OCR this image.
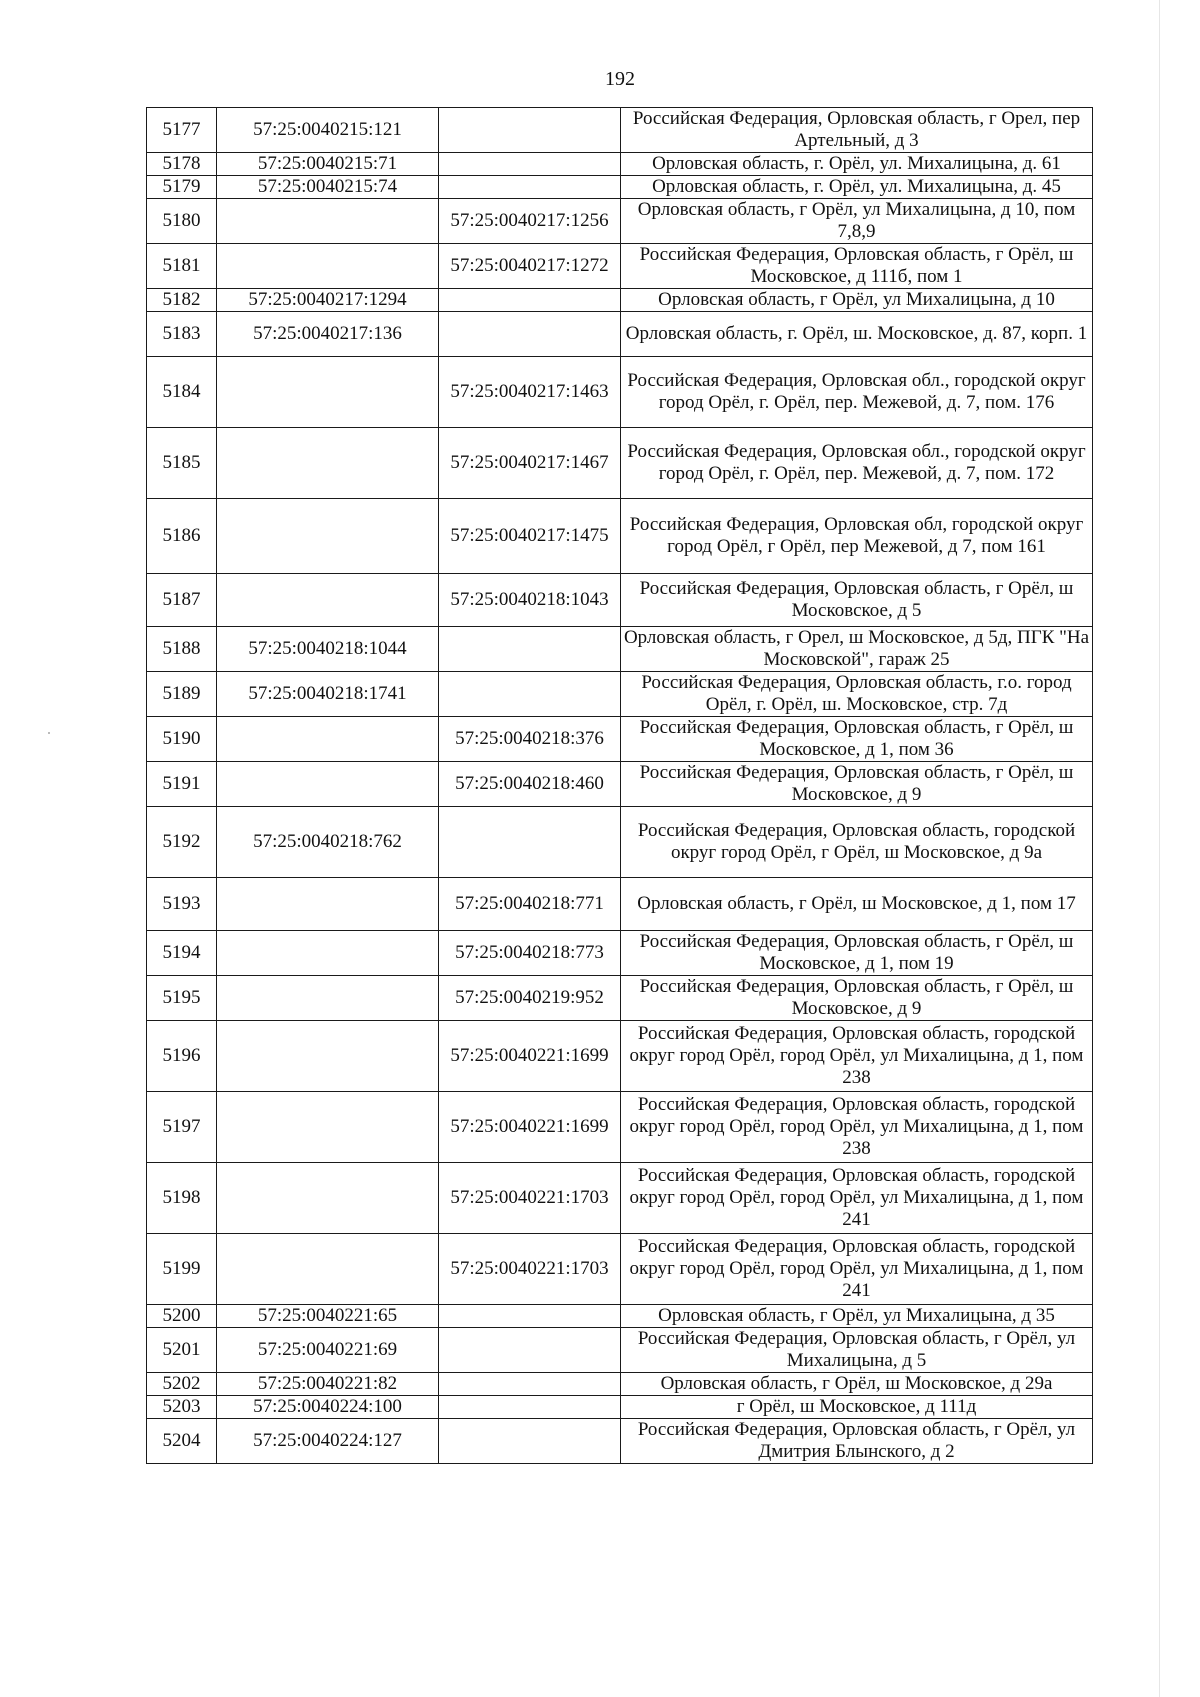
192
5177	57:25:0040215:121		Российская Федерация, Орловская область, г Орел, пер Артельный, д 3
5178	57:25:0040215:71		Орловская область, г. Орёл, ул. Михалицына, д. 61
5179	57:25:0040215:74		Орловская область, г. Орёл, ул. Михалицына, д. 45
5180		57:25:0040217:1256	Орловская область, г Орёл, ул Михалицына, д 10, пом 7,8,9
5181		57:25:0040217:1272	Российская Федерация, Орловская область, г Орёл, ш Московское, д 111б, пом 1
5182	57:25:0040217:1294		Орловская область, г Орёл, ул Михалицына, д 10
5183	57:25:0040217:136		Орловская область, г. Орёл, ш. Московское, д. 87, корп. 1
5184		57:25:0040217:1463	Российская Федерация, Орловская обл., городской округ город Орёл, г. Орёл, пер. Межевой, д. 7, пом. 176
5185		57:25:0040217:1467	Российская Федерация, Орловская обл., городской округ город Орёл, г. Орёл, пер. Межевой, д. 7, пом. 172
5186		57:25:0040217:1475	Российская Федерация, Орловская обл, городской округ город Орёл, г Орёл, пер Межевой, д 7, пом 161
5187		57:25:0040218:1043	Российская Федерация, Орловская область, г Орёл, ш Московское, д 5
5188	57:25:0040218:1044		Орловская область, г Орел, ш Московское, д 5д, ПГК "На Московской", гараж 25
5189	57:25:0040218:1741		Российская Федерация, Орловская область, г.о. город Орёл, г. Орёл, ш. Московское, стр. 7д
5190		57:25:0040218:376	Российская Федерация, Орловская область, г Орёл, ш Московское, д 1, пом 36
5191		57:25:0040218:460	Российская Федерация, Орловская область, г Орёл, ш Московское, д 9
5192	57:25:0040218:762		Российская Федерация, Орловская область, городской округ город Орёл, г Орёл, ш Московское, д 9а
5193		57:25:0040218:771	Орловская область, г Орёл, ш Московское, д 1, пом 17
5194		57:25:0040218:773	Российская Федерация, Орловская область, г Орёл, ш Московское, д 1, пом 19
5195		57:25:0040219:952	Российская Федерация, Орловская область, г Орёл, ш Московское, д 9
5196		57:25:0040221:1699	Российская Федерация, Орловская область, городской округ город Орёл, город Орёл, ул Михалицына, д 1, пом 238
5197		57:25:0040221:1699	Российская Федерация, Орловская область, городской округ город Орёл, город Орёл, ул Михалицына, д 1, пом 238
5198		57:25:0040221:1703	Российская Федерация, Орловская область, городской округ город Орёл, город Орёл, ул Михалицына, д 1, пом 241
5199		57:25:0040221:1703	Российская Федерация, Орловская область, городской округ город Орёл, город Орёл, ул Михалицына, д 1, пом 241
5200	57:25:0040221:65		Орловская область, г Орёл, ул Михалицына, д 35
5201	57:25:0040221:69		Российская Федерация, Орловская область, г Орёл, ул Михалицына, д 5
5202	57:25:0040221:82		Орловская область, г Орёл, ш Московское, д 29а
5203	57:25:0040224:100		г Орёл, ш Московское, д 111д
5204	57:25:0040224:127		Российская Федерация, Орловская область, г Орёл, ул Дмитрия Блынского, д 2
